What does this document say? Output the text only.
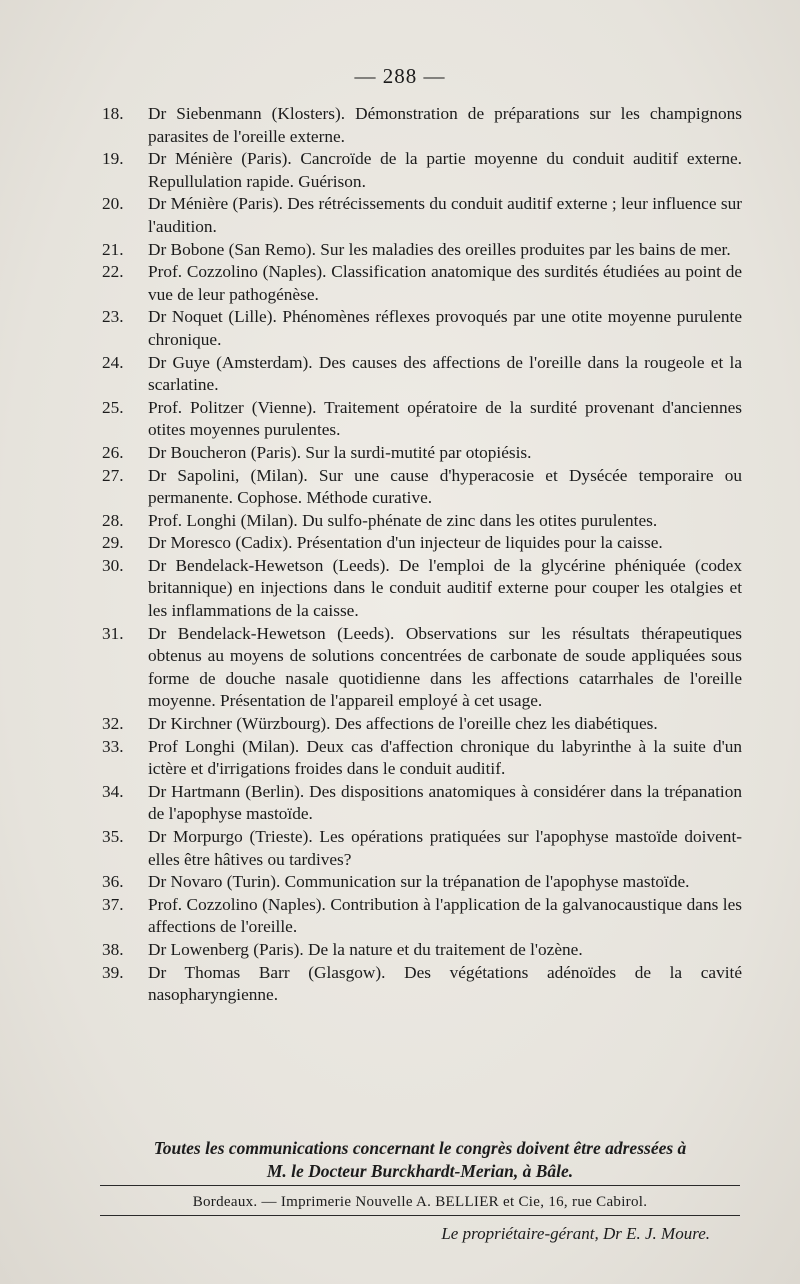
— 288 —
18.	Dr Siebenmann (Klosters). Démonstration de préparations sur les champignons parasites de l'oreille externe.
19.	Dr Ménière (Paris). Cancroïde de la partie moyenne du conduit auditif externe. Repullulation rapide. Guérison.
20.	Dr Ménière (Paris). Des rétrécissements du conduit auditif externe ; leur influence sur l'audition.
21.	Dr Bobone (San Remo). Sur les maladies des oreilles produites par les bains de mer.
22.	Prof. Cozzolino (Naples). Classification anatomique des surdités étudiées au point de vue de leur pathogénèse.
23.	Dr Noquet (Lille). Phénomènes réflexes provoqués par une otite moyenne purulente chronique.
24.	Dr Guye (Amsterdam). Des causes des affections de l'oreille dans la rougeole et la scarlatine.
25.	Prof. Politzer (Vienne). Traitement opératoire de la surdité provenant d'anciennes otites moyennes purulentes.
26.	Dr Boucheron (Paris). Sur la surdi-mutité par otopiésis.
27.	Dr Sapolini, (Milan). Sur une cause d'hyperacosie et Dysécée temporaire ou permanente. Cophose. Méthode curative.
28.	Prof. Longhi (Milan). Du sulfo-phénate de zinc dans les otites purulentes.
29.	Dr Moresco (Cadix). Présentation d'un injecteur de liquides pour la caisse.
30.	Dr Bendelack-Hewetson (Leeds). De l'emploi de la glycérine phéniquée (codex britannique) en injections dans le conduit auditif externe pour couper les otalgies et les inflammations de la caisse.
31.	Dr Bendelack-Hewetson (Leeds). Observations sur les résultats thérapeutiques obtenus au moyens de solutions concentrées de carbonate de soude appliquées sous forme de douche nasale quotidienne dans les affections catarrhales de l'oreille moyenne. Présentation de l'appareil employé à cet usage.
32.	Dr Kirchner (Würzbourg). Des affections de l'oreille chez les diabétiques.
33.	Prof Longhi (Milan). Deux cas d'affection chronique du labyrinthe à la suite d'un ictère et d'irrigations froides dans le conduit auditif.
34.	Dr Hartmann (Berlin). Des dispositions anatomiques à considérer dans la trépanation de l'apophyse mastoïde.
35.	Dr Morpurgo (Trieste). Les opérations pratiquées sur l'apophyse mastoïde doivent-elles être hâtives ou tardives?
36.	Dr Novaro (Turin). Communication sur la trépanation de l'apophyse mastoïde.
37.	Prof. Cozzolino (Naples). Contribution à l'application de la galvanocaustique dans les affections de l'oreille.
38.	Dr Lowenberg (Paris). De la nature et du traitement de l'ozène.
39.	Dr Thomas Barr (Glasgow). Des végétations adénoïdes de la cavité nasopharyngienne.
Toutes les communications concernant le congrès doivent être adressées à
M. le Docteur Burckhardt-Merian, à Bâle.
Bordeaux. — Imprimerie Nouvelle A. BELLIER et Cie, 16, rue Cabirol.
Le propriétaire-gérant, Dr E. J. Moure.
